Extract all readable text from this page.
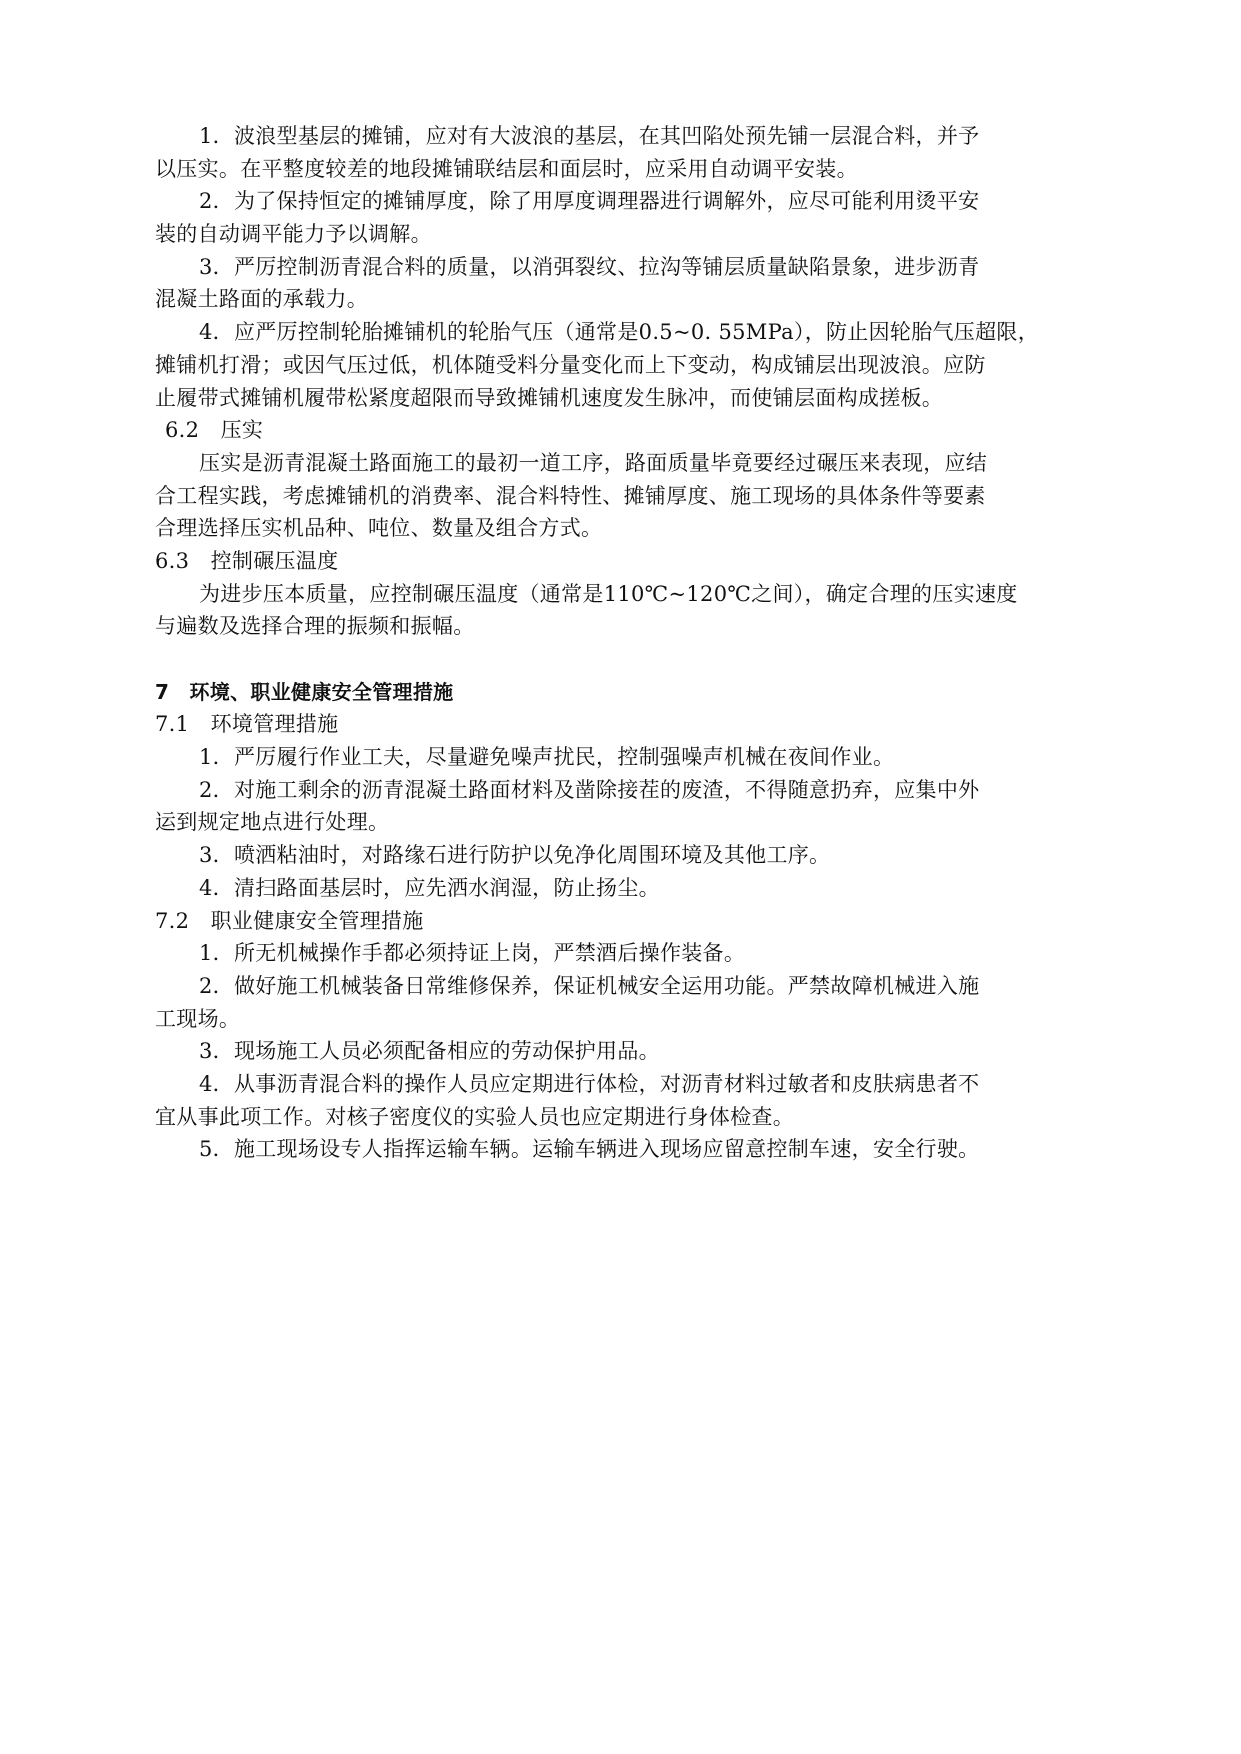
1．波浪型基层的摊铺，应对有大波浪的基层，在其凹陷处预先铺一层混合料，并予
以压实。在平整度较差的地段摊铺联结层和面层时，应采用自动调平安装。
2．为了保持恒定的摊铺厚度，除了用厚度调理器进行调解外，应尽可能利用烫平安
装的自动调平能力予以调解。
3．严厉控制沥青混合料的质量，以消弭裂纹、拉沟等铺层质量缺陷景象，进步沥青
混凝土路面的承载力。
4．应严厉控制轮胎摊铺机的轮胎气压（通常是0.5~0. 55MPa），防止因轮胎气压超限，
摊铺机打滑；或因气压过低，机体随受料分量变化而上下变动，构成铺层出现波浪。应防
止履带式摊铺机履带松紧度超限而导致摊铺机速度发生脉冲，而使铺层面构成搓板。
6.2　压实
压实是沥青混凝土路面施工的最初一道工序，路面质量毕竟要经过碾压来表现，应结
合工程实践，考虑摊铺机的消费率、混合料特性、摊铺厚度、施工现场的具体条件等要素
合理选择压实机品种、吨位、数量及组合方式。
6.3　控制碾压温度
为进步压本质量，应控制碾压温度（通常是110℃~120℃之间），确定合理的压实速度
与遍数及选择合理的振频和振幅。
7　环境、职业健康安全管理措施
7.1　环境管理措施
1．严厉履行作业工夫，尽量避免噪声扰民，控制强噪声机械在夜间作业。
2．对施工剩余的沥青混凝土路面材料及凿除接茬的废渣，不得随意扔弃，应集中外
运到规定地点进行处理。
3．喷洒粘油时，对路缘石进行防护以免净化周围环境及其他工序。
4．清扫路面基层时，应先洒水润湿，防止扬尘。
7.2　职业健康安全管理措施
1．所无机械操作手都必须持证上岗，严禁酒后操作装备。
2．做好施工机械装备日常维修保养，保证机械安全运用功能。严禁故障机械进入施
工现场。
3．现场施工人员必须配备相应的劳动保护用品。
4．从事沥青混合料的操作人员应定期进行体检，对沥青材料过敏者和皮肤病患者不
宜从事此项工作。对核子密度仪的实验人员也应定期进行身体检查。
5．施工现场设专人指挥运输车辆。运输车辆进入现场应留意控制车速，安全行驶。
